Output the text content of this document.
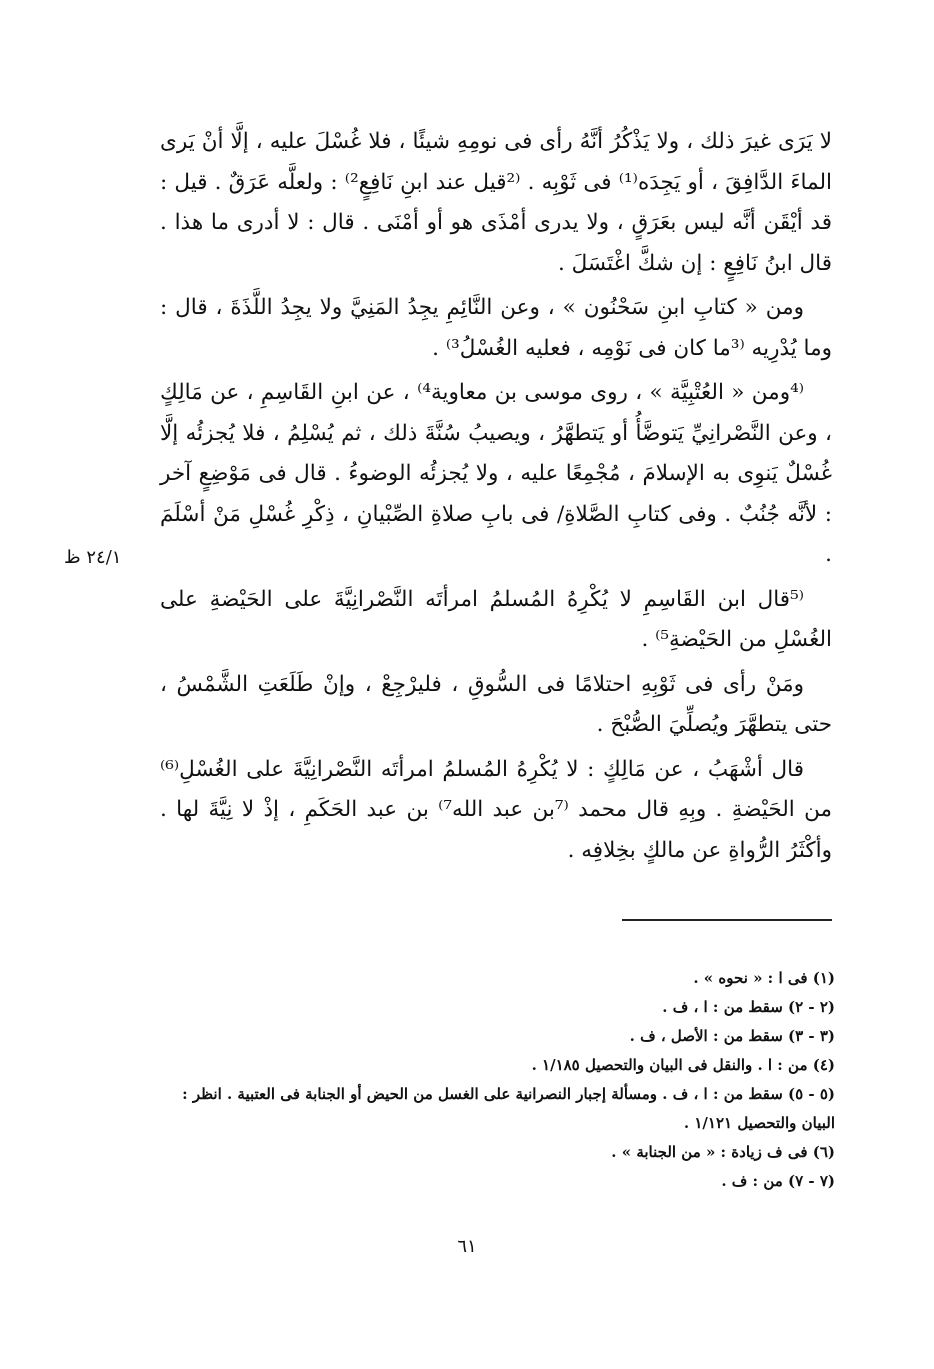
لا يَرَى غيرَ ذلك ، ولا يَذْكُرُ أنَّهُ رأى فى نومِهِ شيئًا ، فلا غُسْلَ عليه ، إلَّا أنْ يَرى الماءَ الدَّافِقَ ، أو يَجِدَه⁽¹⁾ فى ثَوْبِه . ⁽²قيل عند ابنِ نَافِعٍ²⁾ : ولعلَّه عَرَقٌ . قيل : قد أيْقَن أنَّه ليس بعَرَقٍ ، ولا يدرى أمْذَى هو أو أمْنَى . قال : لا أدرى ما هذا . قال ابنُ نَافِعٍ : إن شكَّ اغْتَسَلَ .

ومن « كتابِ ابنِ سَحْنُون » ، وعن النَّائِمِ يجِدُ المَنِيَّ ولا يجِدُ اللَّذَةَ ، قال : وما يُدْرِيه ⁽³ما كان فى نَوْمِه ، فعليه الغُسْلُ³⁾ .

⁽⁴ومن « العُتْبِيَّة » ، روى موسى بن معاوية⁴⁾ ، عن ابنِ القَاسِمِ ، عن مَالِكٍ ، وعن النَّصْرانِيِّ يَتوضَّأُ أو يَتطهَّرُ ، ويصيبُ سُنَّةَ ذلك ، ثم يُسْلِمُ ، فلا يُجزئُه إلَّا غُسْلٌ يَنوِى به الإسلامَ ، مُجْمِعًا عليه ، ولا يُجزئُه الوضوءُ . قال فى مَوْضِعٍ آخر : لأنَّه جُنُبٌ . وفى كتابِ الصَّلاةِ/ فى بابِ صلاةِ الصِّبْيانِ ، ذِكْرِ غُسْلِ مَنْ أسْلَمَ .

⁽⁵قال ابن القَاسِمِ لا يُكْرِهُ المُسلمُ امرأتَه النَّصْرانِيَّةَ على الحَيْضةِ على الغُسْلِ من الحَيْضةِ⁵⁾ .

ومَنْ رأى فى ثَوْبِهِ احتلامًا فى السُّوقِ ، فليرْجِعْ ، وإنْ طَلَعَتِ الشَّمْسُ ، حتى يتطهَّرَ ويُصلِّيَ الصُّبْحَ .

قال أشْهَبُ ، عن مَالِكٍ : لا يُكْرِهُ المُسلمُ امرأتَه النَّصْرانِيَّةَ على الغُسْلِ⁽⁶⁾ من الحَيْضةِ . وبِهِ قال محمد ⁽⁷بن عبد الله⁷⁾ بن عبد الحَكَمِ ، إذْ لا نِيَّةَ لها . وأكْثَرُ الرُّواةِ عن مالكٍ بخِلافِه .

٢٤/١ ظ

(١) فى ا : « نحوه » .

(٢ - ٢) سقط من : ا ، ف .

(٣ - ٣) سقط من : الأصل ، ف .

(٤) من : ا . والنقل فى البيان والتحصيل ١/١٨٥ .

(٥ - ٥) سقط من : ا ، ف . ومسألة إجبار النصرانية على الغسل من الحيض أو الجنابة فى العتبية . انظر : البيان والتحصيل ١/١٢١ .

(٦) فى ف زيادة : « من الجنابة » .

(٧ - ٧) من : ف .

٦١
